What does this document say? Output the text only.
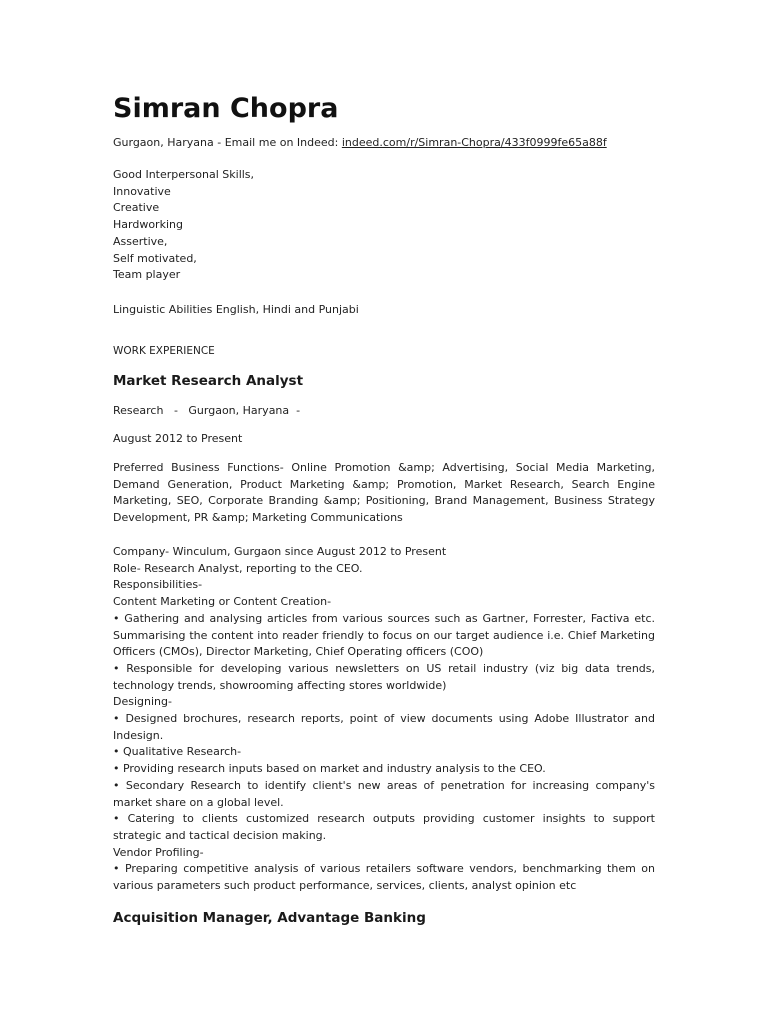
Simran Chopra
Gurgaon, Haryana - Email me on Indeed: indeed.com/r/Simran-Chopra/433f0999fe65a88f
Good Interpersonal Skills,
Innovative
Creative
Hardworking
Assertive,
Self motivated,
Team player
Linguistic Abilities English, Hindi and Punjabi
WORK EXPERIENCE
Market Research Analyst
Research   -   Gurgaon, Haryana  -
August 2012 to Present
Preferred Business Functions- Online Promotion &amp; Advertising, Social Media Marketing, Demand Generation, Product Marketing &amp; Promotion, Market Research, Search Engine Marketing, SEO, Corporate Branding &amp; Positioning, Brand Management, Business Strategy Development, PR &amp; Marketing Communications
Company- Winculum, Gurgaon since August 2012 to Present
Role- Research Analyst, reporting to the CEO.
Responsibilities-
Content Marketing or Content Creation-
• Gathering and analysing articles from various sources such as Gartner, Forrester, Factiva etc. Summarising the content into reader friendly to focus on our target audience i.e. Chief Marketing Officers (CMOs), Director Marketing, Chief Operating officers (COO)
• Responsible for developing various newsletters on US retail industry (viz big data trends, technology trends, showrooming affecting stores worldwide)
Designing-
• Designed brochures, research reports, point of view documents using Adobe Illustrator and Indesign.
• Qualitative Research-
• Providing research inputs based on market and industry analysis to the CEO.
• Secondary Research to identify client's new areas of penetration for increasing company's market share on a global level.
• Catering to clients customized research outputs providing customer insights to support strategic and tactical decision making.
Vendor Profiling-
• Preparing competitive analysis of various retailers software vendors, benchmarking them on various parameters such product performance, services, clients, analyst opinion etc
Acquisition Manager, Advantage Banking
